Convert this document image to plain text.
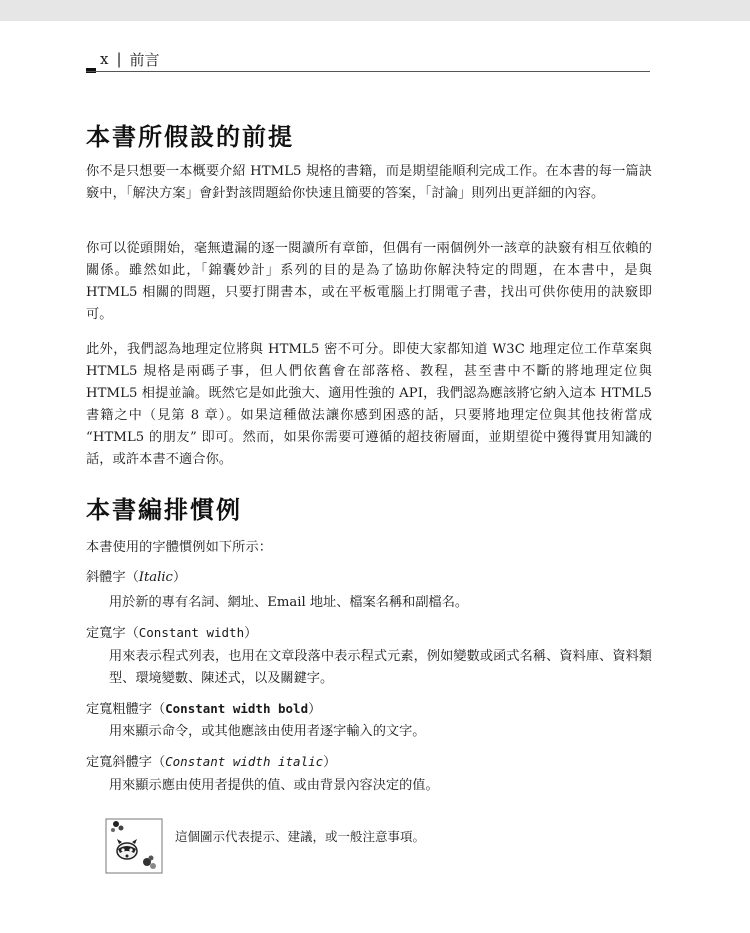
x | 前言
本書所假設的前提

你不是只想要一本概要介紹 HTML5 規格的書籍，而是期望能順利完成工作。在本書的每一篇訣竅中，「解決方案」會針對該問題給你快速且簡要的答案，「討論」則列出更詳細的內容。

你可以從頭開始，毫無遺漏的逐一閱讀所有章節，但偶有一兩個例外一該章的訣竅有相互依賴的關係。雖然如此，「錦囊妙計」系列的目的是為了協助你解決特定的問題，在本書中，是與 HTML5 相關的問題，只要打開書本，或在平板電腦上打開電子書，找出可供你使用的訣竅即可。

此外，我們認為地理定位將與 HTML5 密不可分。即使大家都知道 W3C 地理定位工作草案與 HTML5 規格是兩碼子事，但人們依舊會在部落格、教程，甚至書中不斷的將地理定位與 HTML5 相提並論。既然它是如此強大、適用性強的 API，我們認為應該將它納入這本 HTML5 書籍之中（見第 8 章）。如果這種做法讓你感到困惑的話，只要將地理定位與其他技術當成 “HTML5 的朋友” 即可。然而，如果你需要可遵循的超技術層面，並期望從中獲得實用知識的話，或許本書不適合你。

本書編排慣例

本書使用的字體慣例如下所示：

斜體字（Italic）

用於新的專有名詞、網址、Email 地址、檔案名稱和副檔名。

定寬字（Constant width）

用來表示程式列表，也用在文章段落中表示程式元素，例如變數或函式名稱、資料庫、資料類型、環境變數、陳述式，以及關鍵字。

定寬粗體字（Constant width bold）

用來顯示命令，或其他應該由使用者逐字輸入的文字。

定寬斜體字（Constant width italic）

用來顯示應由使用者提供的值、或由背景內容決定的值。

這個圖示代表提示、建議，或一般注意事項。
